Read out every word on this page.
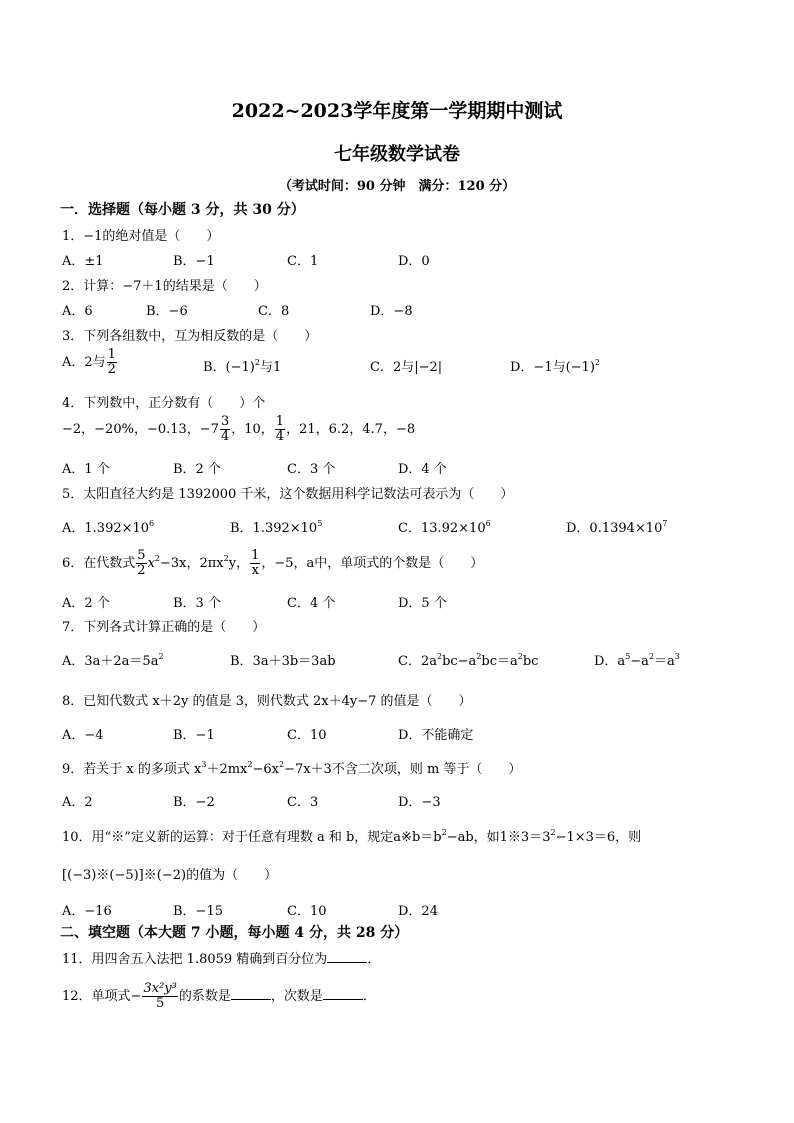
2022~2023学年度第一学期期中测试
七年级数学试卷
（考试时间：90 分钟　满分：120 分）
一．选择题（每小题 3 分，共 30 分）
1．−1的绝对值是（　　）
A．±1	B．−1	C．1	D．0
2．计算：−7＋1的结果是（　　）
A．6	B．−6	C．8	D．−8
3．下列各组数中，互为相反数的是（　　）
A．2与 $\frac{1}{2}$	B．$(-1)^2$与1	C．2与|−2|	D．−1与$(-1)^2$
4．下列数中，正分数有（　　）个
−2，−20%，−0.13，$-7 \frac{3}{4}$ ，10， $\frac{1}{4}$ ，21，6.2，4.7，−8
A．1 个	B．2 个	C．3 个	D．4 个
5．太阳直径大约是 1392000 千米，这个数据用科学记数法可表示为（　　）
A．$1.392\times 10^6$	B．$1.392\times 10^5$	C．$13.92\times 10^6$	D．$0.1394\times 10^7$
6．在代数式 $\frac{5}{2} x^2-3x$，$2\pi x^2y$， $\frac{1}{x}$ ，−5，a中，单项式的个数是（　　）
A．2 个	B．3 个	C．4 个	D．5 个
7．下列各式计算正确的是（　　）
A．$3a+2a=5a^2$	B．3a＋3b＝3ab	C．$2a^2bc-a^2bc=a^2bc$	D．$a^5-a^2=a^3$
8．已知代数式 x＋2y 的值是 3，则代数式 2x＋4y−7 的值是（　　）
A．−4	B．−1	C．10	D．不能确定
9．若关于 x 的多项式 $x^3+2mx^2-6x^2-7x+3$不含二次项，则 m 等于（　　）
A．2	B．−2	C．3	D．−3
10．用“※”定义新的运算：对于任意有理数 a 和 b，规定$a※b=b^2-ab$，如$1※3=3^2-1\times 3=6$，则
[(−3)※(−5)]※(−2)的值为（　　）
A．−16	B．−15	C．10	D．24
二、填空题（本大题 7 小题，每小题 4 分，共 28 分）
11．用四舍五入法把 1.8059 精确到百分位为	．
12．单项式− $\frac{\text{3x²y³}}{5}$ 的系数是	，次数是	．
